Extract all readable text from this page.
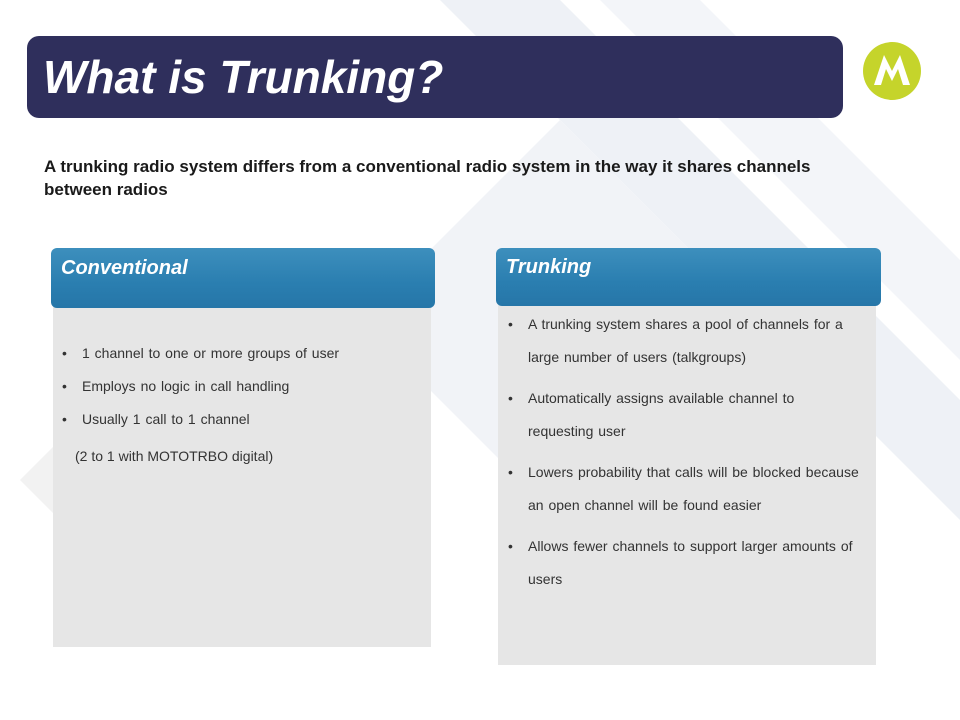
What is Trunking?
A trunking radio system differs from a conventional radio system in the way it shares channels between radios
Conventional
• 1 channel to one or more groups of user
• Employs no logic in call handling
• Usually 1 call to 1 channel
(2 to 1 with MOTOTRBO digital)
Trunking
• A trunking system shares a pool of channels for a large number of users (talkgroups)
• Automatically assigns available channel to requesting user
• Lowers probability that calls will be blocked because an open channel will be found easier
• Allows fewer channels to support larger amounts of users
